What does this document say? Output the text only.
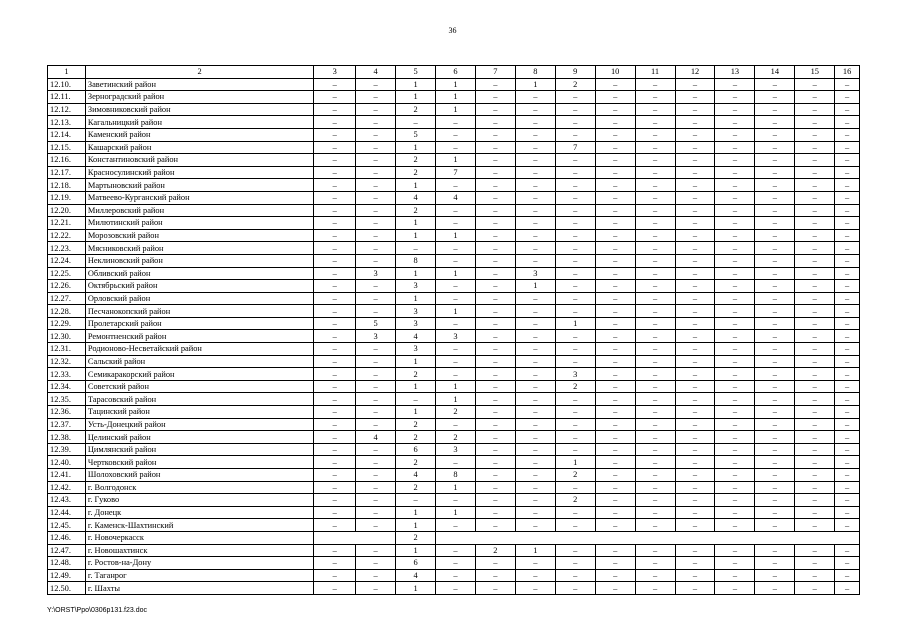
36
1	2	3	4	5	6	7	8	9	10	11	12	13	14	15	16
12.10.	Заветинский район	–	–	1	1	–	1	2	–	–	–	–	–	–	–
12.11.	Зерноградский район	–	–	1	1	–	–	–	–	–	–	–	–	–	–
12.12.	Зимовниковский район	–	–	2	1	–	–	–	–	–	–	–	–	–	–
12.13.	Кагальницкий район	–	–	–	–	–	–	–	–	–	–	–	–	–	–
12.14.	Каменский район	–	–	5	–	–	–	–	–	–	–	–	–	–	–
12.15.	Кашарский район	–	–	1	–	–	–	7	–	–	–	–	–	–	–
12.16.	Константиновский район	–	–	2	1	–	–	–	–	–	–	–	–	–	–
12.17.	Красносулинский район	–	–	2	7	–	–	–	–	–	–	–	–	–	–
12.18.	Мартыновский район	–	–	1	–	–	–	–	–	–	–	–	–	–	–
12.19.	Матвеево-Курганский район	–	–	4	4	–	–	–	–	–	–	–	–	–	–
12.20.	Миллеровский район	–	–	2	–	–	–	–	–	–	–	–	–	–	–
12.21.	Милютинский район	–	–	1	–	–	–	–	–	–	–	–	–	–	–
12.22.	Морозовский район	–	–	1	1	–	–	–	–	–	–	–	–	–	–
12.23.	Мясниковский район	–	–	–	–	–	–	–	–	–	–	–	–	–	–
12.24.	Неклиновский район	–	–	8	–	–	–	–	–	–	–	–	–	–	–
12.25.	Обливский район	–	3	1	1	–	3	–	–	–	–	–	–	–	–
12.26.	Октябрьский район	–	–	3	–	–	1	–	–	–	–	–	–	–	–
12.27.	Орловский район	–	–	1	–	–	–	–	–	–	–	–	–	–	–
12.28.	Песчанокопский район	–	–	3	1	–	–	–	–	–	–	–	–	–	–
12.29.	Пролетарский район	–	5	3	–	–	–	1	–	–	–	–	–	–	–
12.30.	Ремонтненский район	–	3	4	3	–	–	–	–	–	–	–	–	–	–
12.31.	Родионово-Несветайский район	–	–	3	–	–	–	–	–	–	–	–	–	–	–
12.32.	Сальский район	–	–	1	–	–	–	–	–	–	–	–	–	–	–
12.33.	Семикаракорский район	–	–	2	–	–	–	3	–	–	–	–	–	–	–
12.34.	Советский район	–	–	1	1	–	–	2	–	–	–	–	–	–	–
12.35.	Тарасовский район	–	–	–	1	–	–	–	–	–	–	–	–	–	–
12.36.	Тацинский район	–	–	1	2	–	–	–	–	–	–	–	–	–	–
12.37.	Усть-Донецкий район	–	–	2	–	–	–	–	–	–	–	–	–	–	–
12.38.	Целинский район	–	4	2	2	–	–	–	–	–	–	–	–	–	–
12.39.	Цимлянский район	–	–	6	3	–	–	–	–	–	–	–	–	–	–
12.40.	Чертковский район	–	–	2	–	–	–	1	–	–	–	–	–	–	–
12.41.	Шолоховский район	–	–	4	8	–	–	2	–	–	–	–	–	–	–
12.42.	г. Волгодонск	–	–	2	1	–	–	–	–	–	–	–	–	–	–
12.43.	г. Гуково	–	–	–	–	–	–	2	–	–	–	–	–	–	–
12.44.	г. Донецк	–	–	1	1	–	–	–	–	–	–	–	–	–	–
12.45.	г. Каменск-Шахтинский	–	–	1	–	–	–	–	–	–	–	–	–	–	–
12.46.	г. Новочеркасск			2											
12.47.	г. Новошахтинск	–	–	1	–	2	1	–	–	–	–	–	–	–	–
12.48.	г. Ростов-на-Дону	–	–	6	–	–	–	–	–	–	–	–	–	–	–
12.49.	г. Таганрог	–	–	4	–	–	–	–	–	–	–	–	–	–	–
12.50.	г. Шахты	–	–	1	–	–	–	–	–	–	–	–	–	–	–
Y:\ORST\Ppo\0306p131.f23.doc
